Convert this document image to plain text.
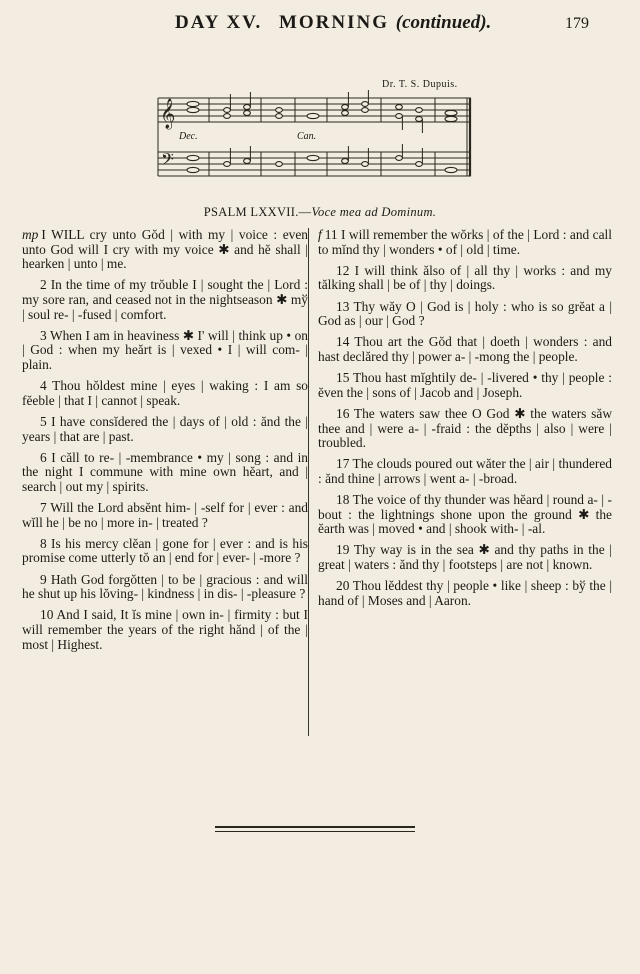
DAY XV. MORNING (continued).	179
Dr. T. S. Dupuis.
𝄞
𝄢
Dec.	Can.
PSALM LXXVII.—Voce mea ad Dominum.

mp I WILL cry unto Gŏd | with my | voice : even unto God will I cry with my voice ✱ and hĕ shall | hearken | unto | me.

2 In the time of my trŏuble I | sought the | Lord : my sore ran, and ceased not in the nightseason ✱ mў | soul re- | -fused | comfort.

3 When I am in heaviness ✱ I' will | think up • on | God : when my heărt is | vexed • I | will com- | plain.

4 Thou hŏldest mine | eyes | waking : I am so fĕeble | that I | cannot | speak.

5 I have consĭdered the | days of | old : ănd the | years | that are | past.

6 I căll to re- | -membrance • my | song : and in the night I commune with mine own hĕart, and | search | out my | spirits.

7 Will the Lord absĕnt him- | -self for | ever : and wĭll he | be no | more in- | treated ?

8 Is his mercy clĕan | gone for | ever : and is his promise come utterly tŏ an | end for | ever- | -more ?

9 Hath God forgŏtten | to be | gracious : and will he shut up his lŏving- | kindness | in dis- | -pleasure ?

10 And I said, It ĭs mine | own in- | firmity : but I will remember the years of the right hănd | of the | most | Highest.

f 11 I will remember the wŏrks | of the | Lord : and call to mĭnd thy | wonders • of | old | time.

12 I will think ălso of | all thy | works : and my tălking shall | be of | thy | doings.

13 Thy wăy O | God is | holy : who is so grĕat a | God as | our | God ?

14 Thou art the Gŏd that | doeth | wonders : and hast declăred thy | power a- | -mong the | people.

15 Thou hast mĭghtily de- | -livered • thy | people : ĕven the | sons of | Jacob and | Joseph.

16 The waters saw thee O God ✱ the waters săw thee and | were a- | -fraid : the dĕpths | also | were | troubled.

17 The clouds poured out wăter the | air | thundered : ănd thine | arrows | went a- | -broad.

18 The voice of thy thunder was hĕard | round a- | -bout : the lightnings shone upon the ground ✱ the ĕarth was | moved • and | shook with- | -al.

19 Thy way is in the sea ✱ and thy paths in the | great | waters : ănd thy | footsteps | are not | known.

20 Thou lĕddest thy | people • like | sheep : bў the | hand of | Moses and | Aaron.
